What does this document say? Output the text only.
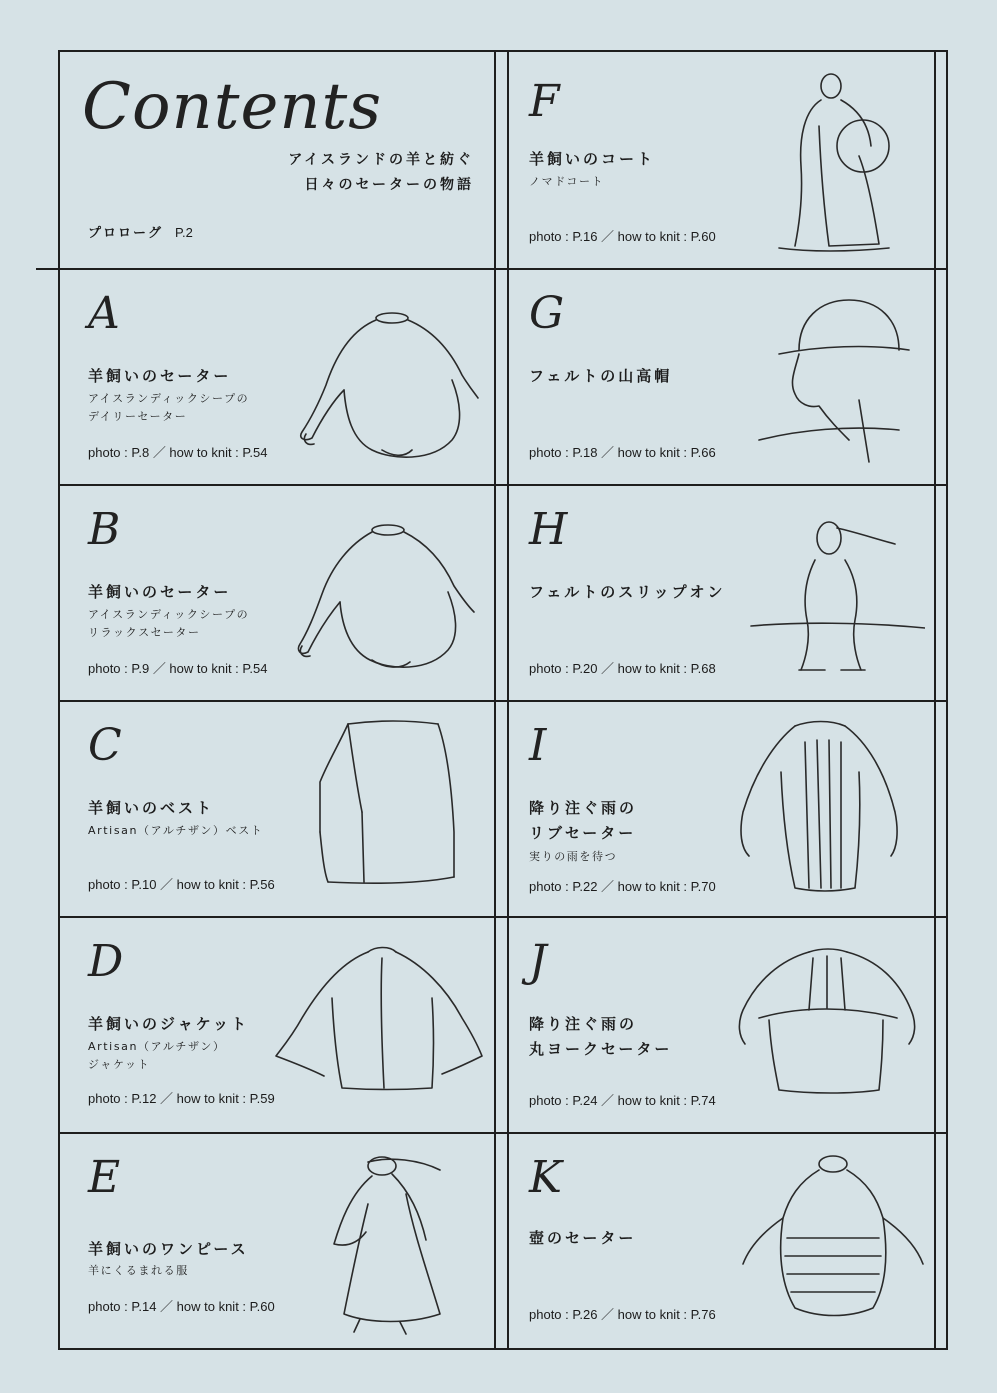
Contents
アイスランドの羊と紡ぐ
日々のセーターの物語
プロローグ P.2
A
羊飼いのセーター
アイスランディックシープの
デイリーセーター
photo : P.8 ／ how to knit : P.54
B
羊飼いのセーター
アイスランディックシープの
リラックスセーター
photo : P.9 ／ how to knit : P.54
C
羊飼いのベスト
Artisan（アルチザン）ベスト
photo : P.10 ／ how to knit : P.56
D
羊飼いのジャケット
Artisan（アルチザン）
ジャケット
photo : P.12 ／ how to knit : P.59
E
羊飼いのワンピース
羊にくるまれる服
photo : P.14 ／ how to knit : P.60
F
羊飼いのコート
ノマドコート
photo : P.16 ／ how to knit : P.60
G
フェルトの山高帽
photo : P.18 ／ how to knit : P.66
H
フェルトのスリップオン
photo : P.20 ／ how to knit : P.68
I
降り注ぐ雨の
リブセーター
実りの雨を待つ
photo : P.22 ／ how to knit : P.70
J
降り注ぐ雨の
丸ヨークセーター
photo : P.24 ／ how to knit : P.74
K
壺のセーター
photo : P.26 ／ how to knit : P.76
